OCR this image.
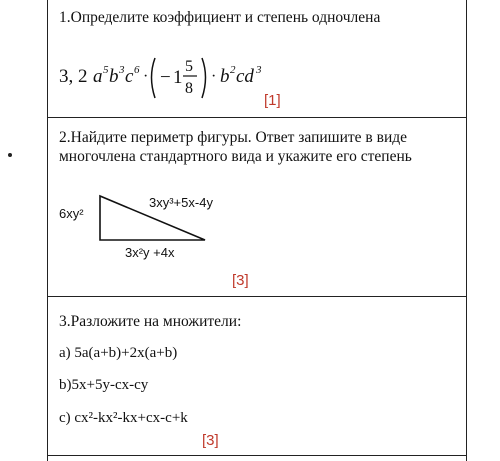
1.Определите коэффициент и степень одночлена
3, 2 a 5 b 3 c 6 · − 1
5
8
· b 2 cd 3
[1]
2.Найдите периметр фигуры. Ответ запишите в виде
многочлена стандартного вида и укажите его степень
6xy²
3xy³+5x-4y
3x²y +4x
[3]
3.Разложите на множители:
a) 5a(a+b)+2x(a+b)
b)5x+5y-cx-cy
c) cx²-kx²-kx+cx-c+k
[3]
